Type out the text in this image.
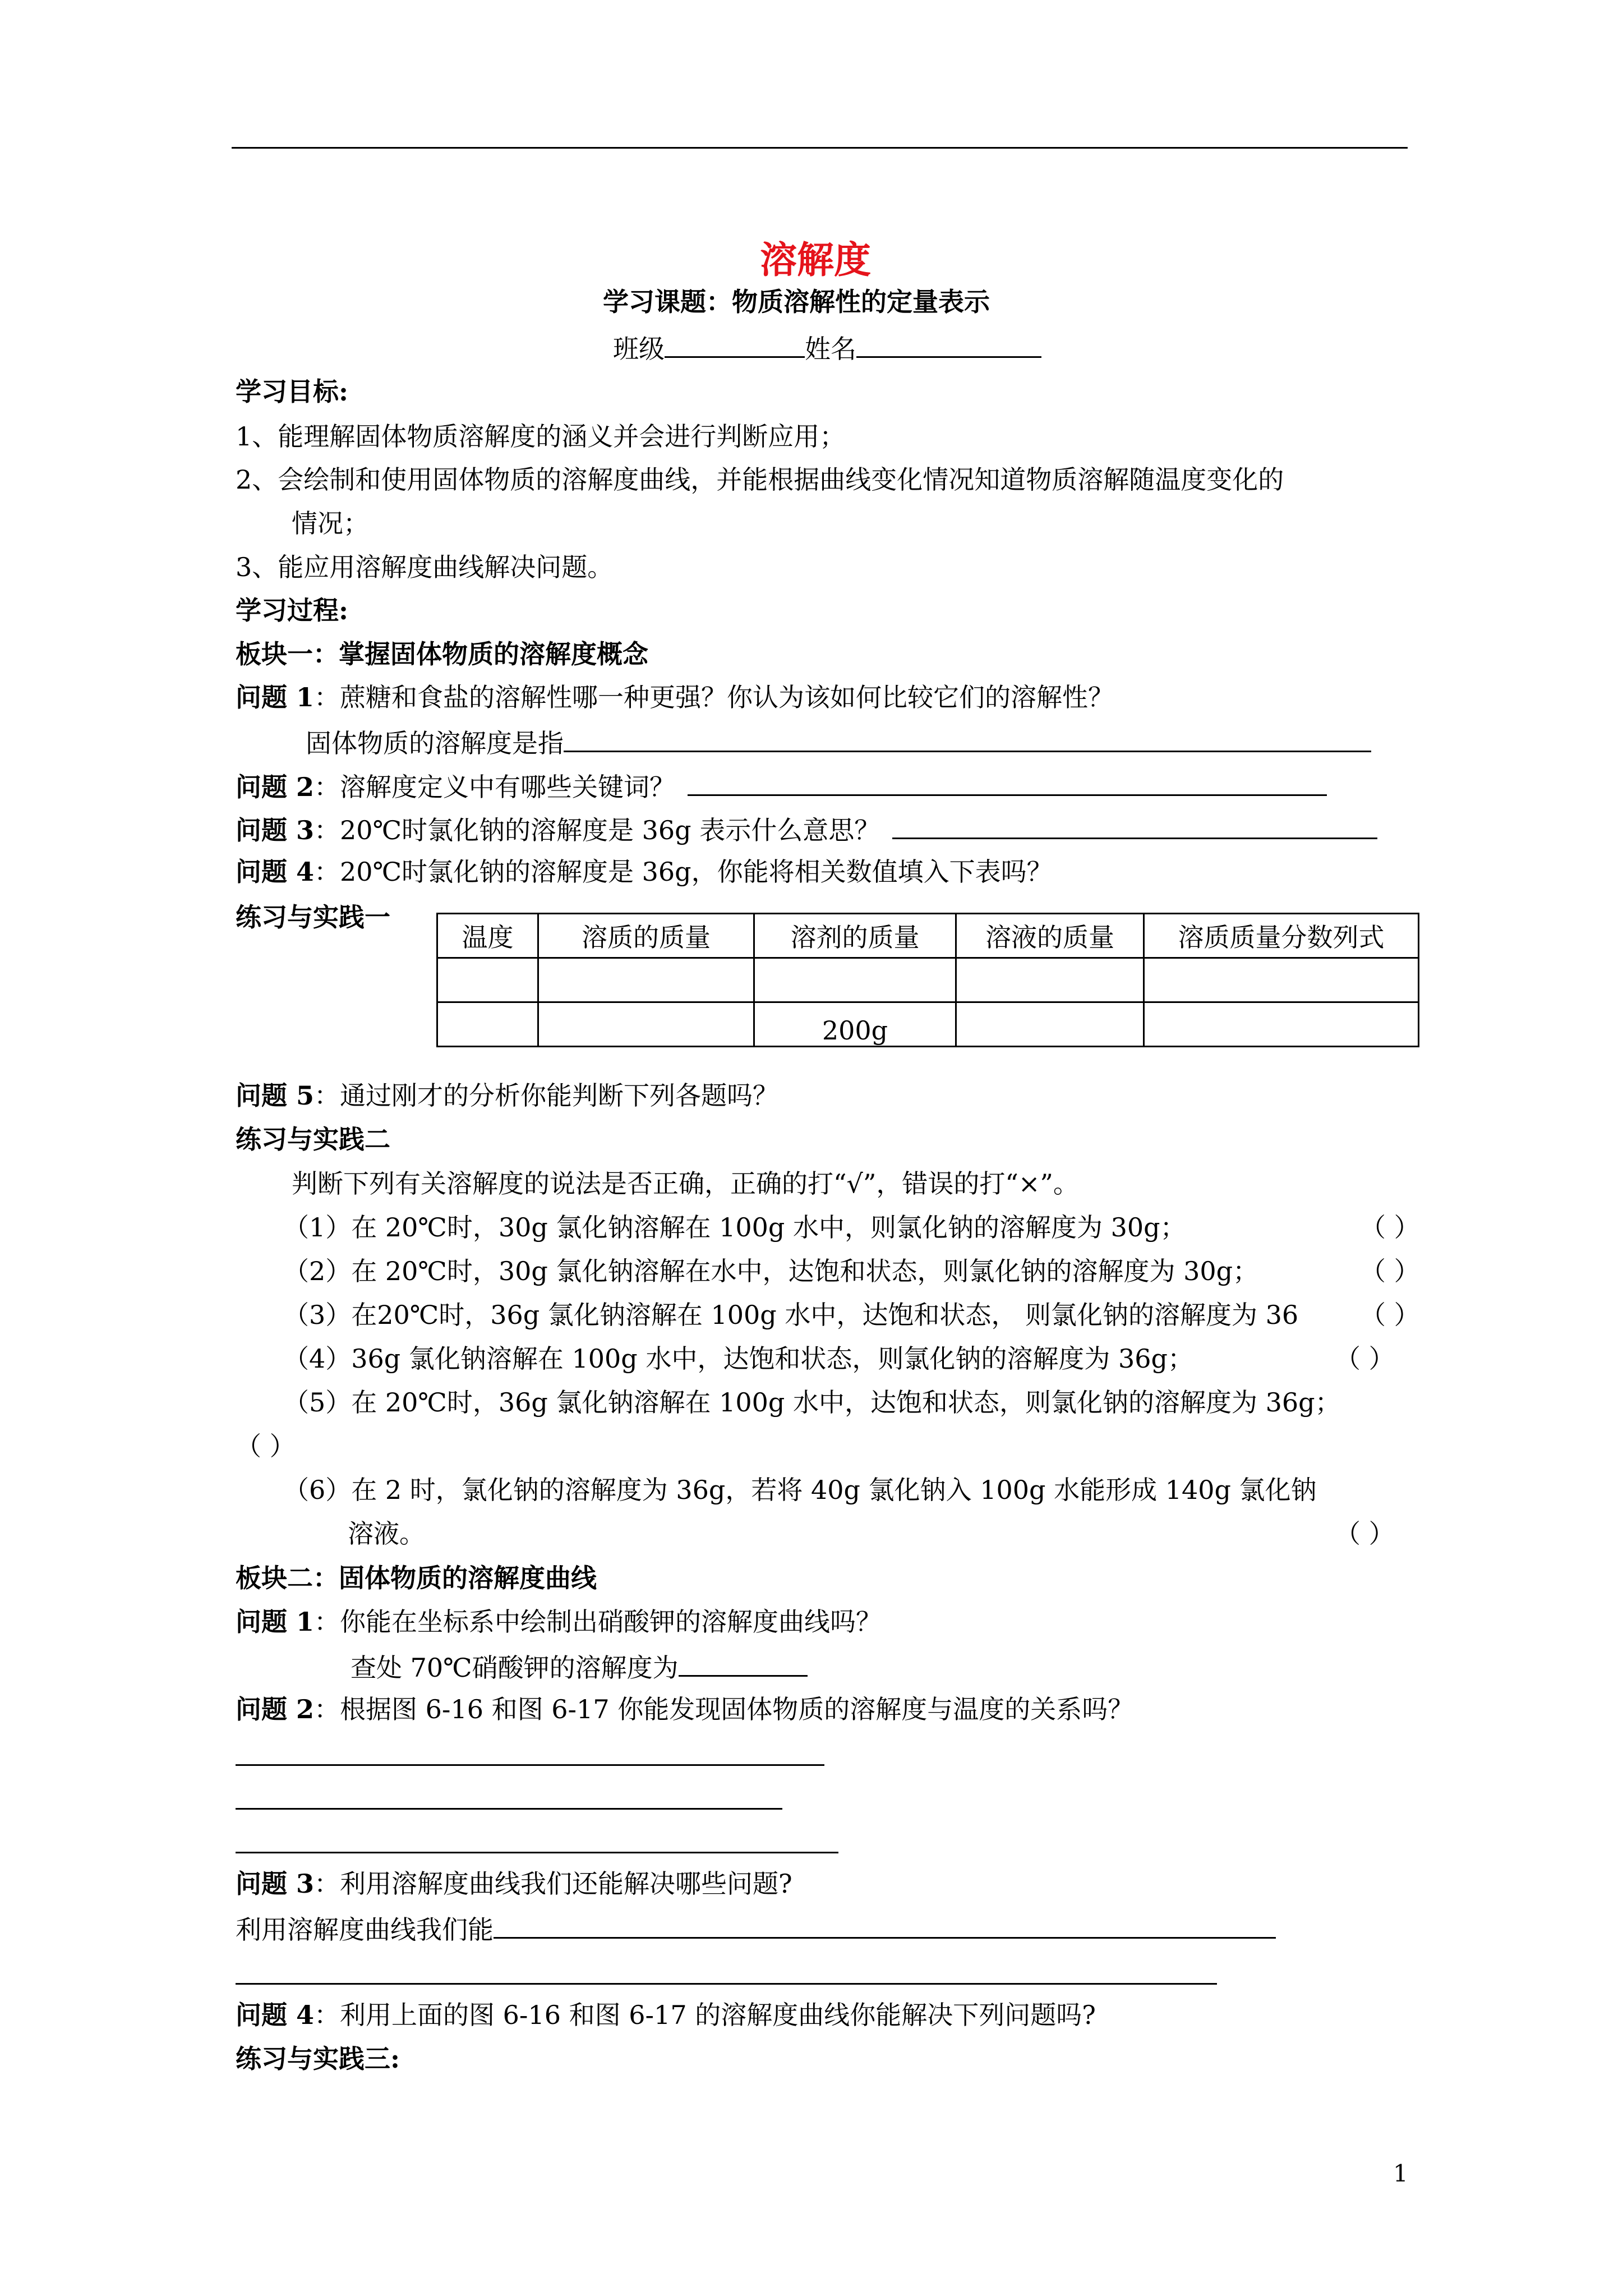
溶解度
学习课题：物质溶解性的定量表示
班级	姓名
学习目标:
1、能理解固体物质溶解度的涵义并会进行判断应用；
2、会绘制和使用固体物质的溶解度曲线，并能根据曲线变化情况知道物质溶解随温度变化的
情况；
3、能应用溶解度曲线解决问题。
学习过程:
板块一：掌握固体物质的溶解度概念
问题 1：蔗糖和食盐的溶解性哪一种更强？你认为该如何比较它们的溶解性？
固体物质的溶解度是指
问题 2：溶解度定义中有哪些关键词？
问题 3：20℃时氯化钠的溶解度是 36g 表示什么意思？
问题 4：20℃时氯化钠的溶解度是 36g，你能将相关数值填入下表吗？
练习与实践一
温度	溶质的质量	溶剂的质量	溶液的质量	溶质质量分数列式

		200g		
问题 5：通过刚才的分析你能判断下列各题吗？
练习与实践二
判断下列有关溶解度的说法是否正确，正确的打“√”，错误的打“×”。
（1）在 20℃时，30g 氯化钠溶解在 100g 水中，则氯化钠的溶解度为 30g；	（ ）
（2）在 20℃时，30g 氯化钠溶解在水中，达饱和状态，则氯化钠的溶解度为 30g；	（ ）
（3）在20℃时，36g 氯化钠溶解在 100g 水中，达饱和状态， 则氯化钠的溶解度为 36 （ ）
（4）36g 氯化钠溶解在 100g 水中，达饱和状态，则氯化钠的溶解度为 36g；	（ ）
（5）在 20℃时，36g 氯化钠溶解在 100g 水中，达饱和状态，则氯化钠的溶解度为 36g；
（ ）
（6）在 2 时，氯化钠的溶解度为 36g，若将 40g 氯化钠入 100g 水能形成 140g 氯化钠
溶液。	（ ）
板块二：固体物质的溶解度曲线
问题 1：你能在坐标系中绘制出硝酸钾的溶解度曲线吗？
查处 70℃硝酸钾的溶解度为
问题 2：根据图 6-16 和图 6-17 你能发现固体物质的溶解度与温度的关系吗？
问题 3：利用溶解度曲线我们还能解决哪些问题?
利用溶解度曲线我们能
问题 4：利用上面的图 6-16 和图 6-17 的溶解度曲线你能解决下列问题吗?
练习与实践三:
1
